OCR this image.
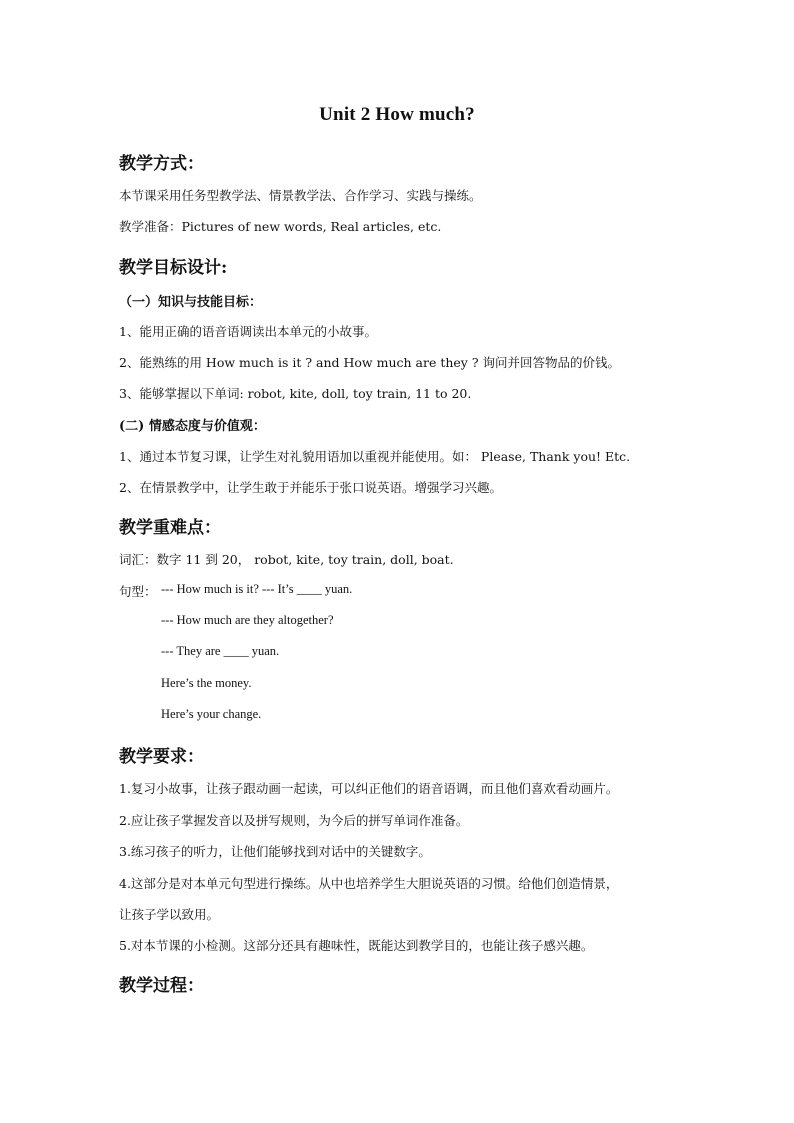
Unit 2 How much?
教学方式：
本节课采用任务型教学法、情景教学法、合作学习、实践与操练。
教学准备：Pictures of new words, Real articles, etc.
教学目标设计:
（一）知识与技能目标：
1、能用正确的语音语调读出本单元的小故事。
2、能熟练的用 How much is it ? and How much are they ? 询问并回答物品的价钱。
3、能够掌握以下单词: robot, kite, doll, toy train, 11 to 20.
(二) 情感态度与价值观：
1、通过本节复习课，让学生对礼貌用语加以重视并能使用。如： Please, Thank you! Etc.
2、在情景教学中，让学生敢于并能乐于张口说英语。增强学习兴趣。
教学重难点：
词汇：数字 11 到 20， robot, kite, toy train, doll, boat.
句型： --- How much is it? --- It’s ____ yuan.
--- How much are they altogether?
--- They are ____ yuan.
Here’s the money.
Here’s your change.
教学要求：
1.复习小故事，让孩子跟动画一起读，可以纠正他们的语音语调，而且他们喜欢看动画片。
2.应让孩子掌握发音以及拼写规则，为今后的拼写单词作准备。
3.练习孩子的听力，让他们能够找到对话中的关键数字。
4.这部分是对本单元句型进行操练。从中也培养学生大胆说英语的习惯。给他们创造情景，
让孩子学以致用。
5.对本节课的小检测。这部分还具有趣味性，既能达到教学目的，也能让孩子感兴趣。
教学过程：
